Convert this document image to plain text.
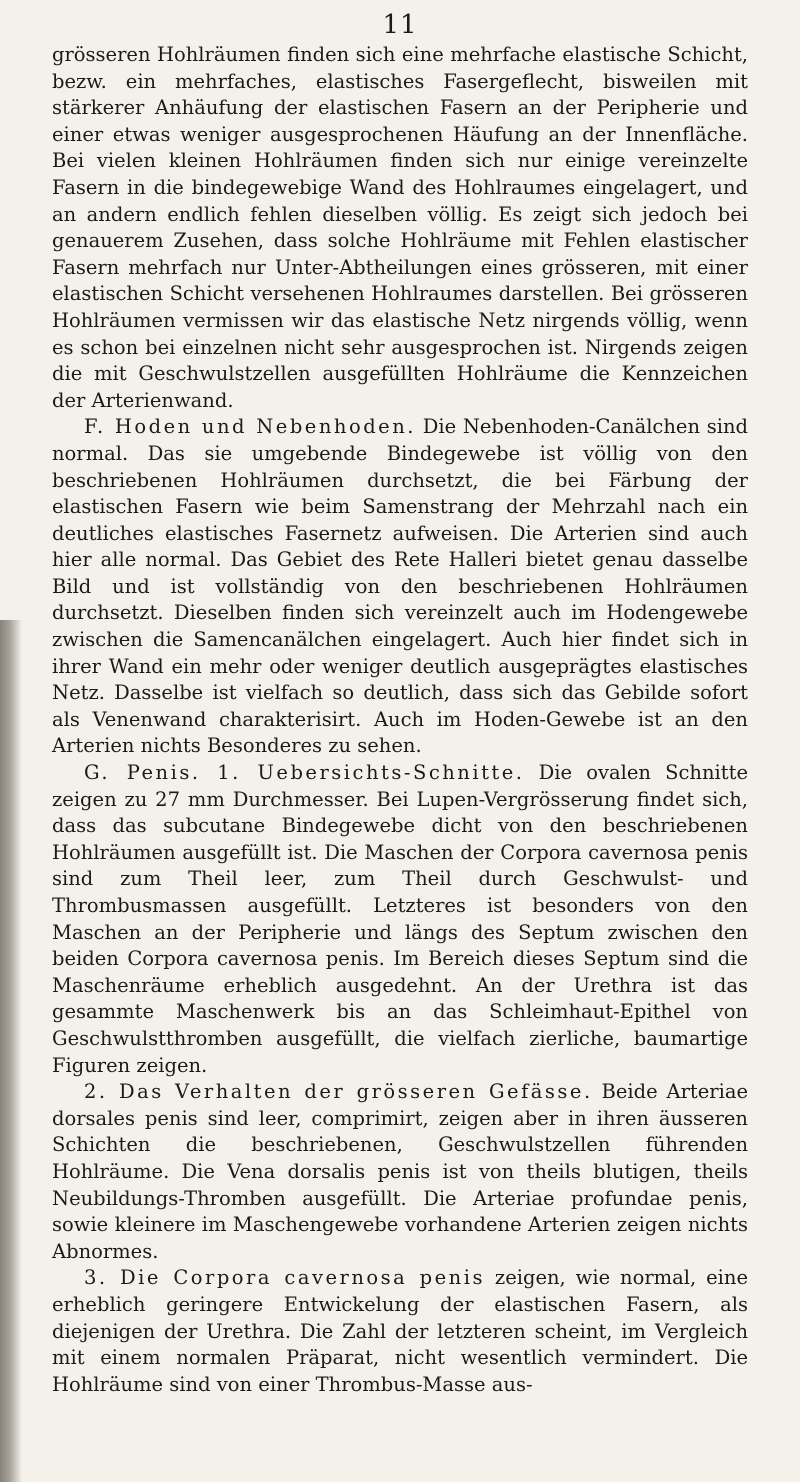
11

grösseren Hohlräumen finden sich eine mehrfache elastische Schicht, bezw. ein mehrfaches, elastisches Fasergeflecht, bisweilen mit stärkerer Anhäufung der elastischen Fasern an der Peripherie und einer etwas weniger ausgesprochenen Häufung an der Innenfläche. Bei vielen kleinen Hohlräumen finden sich nur einige vereinzelte Fasern in die bindegewebige Wand des Hohlraumes eingelagert, und an andern endlich fehlen dieselben völlig. Es zeigt sich jedoch bei genauerem Zusehen, dass solche Hohlräume mit Fehlen elastischer Fasern mehrfach nur Unter-Abtheilungen eines grösseren, mit einer elastischen Schicht versehenen Hohlraumes darstellen. Bei grösseren Hohlräumen vermissen wir das elastische Netz nirgends völlig, wenn es schon bei einzelnen nicht sehr ausgesprochen ist. Nirgends zeigen die mit Geschwulstzellen ausgefüllten Hohlräume die Kennzeichen der Arterienwand.

F. Hoden und Nebenhoden. Die Nebenhoden-Canälchen sind normal. Das sie umgebende Bindegewebe ist völlig von den beschriebenen Hohlräumen durchsetzt, die bei Färbung der elastischen Fasern wie beim Samenstrang der Mehrzahl nach ein deutliches elastisches Fasernetz aufweisen. Die Arterien sind auch hier alle normal. Das Gebiet des Rete Halleri bietet genau dasselbe Bild und ist vollständig von den beschriebenen Hohlräumen durchsetzt. Dieselben finden sich vereinzelt auch im Hodengewebe zwischen die Samencanälchen eingelagert. Auch hier findet sich in ihrer Wand ein mehr oder weniger deutlich ausgeprägtes elastisches Netz. Dasselbe ist vielfach so deutlich, dass sich das Gebilde sofort als Venenwand charakterisirt. Auch im Hoden-Gewebe ist an den Arterien nichts Besonderes zu sehen.

G. Penis. 1. Uebersichts-Schnitte. Die ovalen Schnitte zeigen zu 27 mm Durchmesser. Bei Lupen-Vergrösserung findet sich, dass das subcutane Bindegewebe dicht von den beschriebenen Hohlräumen ausgefüllt ist. Die Maschen der Corpora cavernosa penis sind zum Theil leer, zum Theil durch Geschwulst- und Thrombusmassen ausgefüllt. Letzteres ist besonders von den Maschen an der Peripherie und längs des Septum zwischen den beiden Corpora cavernosa penis. Im Bereich dieses Septum sind die Maschenräume erheblich ausgedehnt. An der Urethra ist das gesammte Maschenwerk bis an das Schleimhaut-Epithel von Geschwulstthromben ausgefüllt, die vielfach zierliche, baumartige Figuren zeigen.

2. Das Verhalten der grösseren Gefässe. Beide Arteriae dorsales penis sind leer, comprimirt, zeigen aber in ihren äusseren Schichten die beschriebenen, Geschwulstzellen führenden Hohlräume. Die Vena dorsalis penis ist von theils blutigen, theils Neubildungs-Thromben ausgefüllt. Die Arteriae profundae penis, sowie kleinere im Maschengewebe vorhandene Arterien zeigen nichts Abnormes.

3. Die Corpora cavernosa penis zeigen, wie normal, eine erheblich geringere Entwickelung der elastischen Fasern, als diejenigen der Urethra. Die Zahl der letzteren scheint, im Vergleich mit einem normalen Präparat, nicht wesentlich vermindert. Die Hohlräume sind von einer Thrombus-Masse aus-
